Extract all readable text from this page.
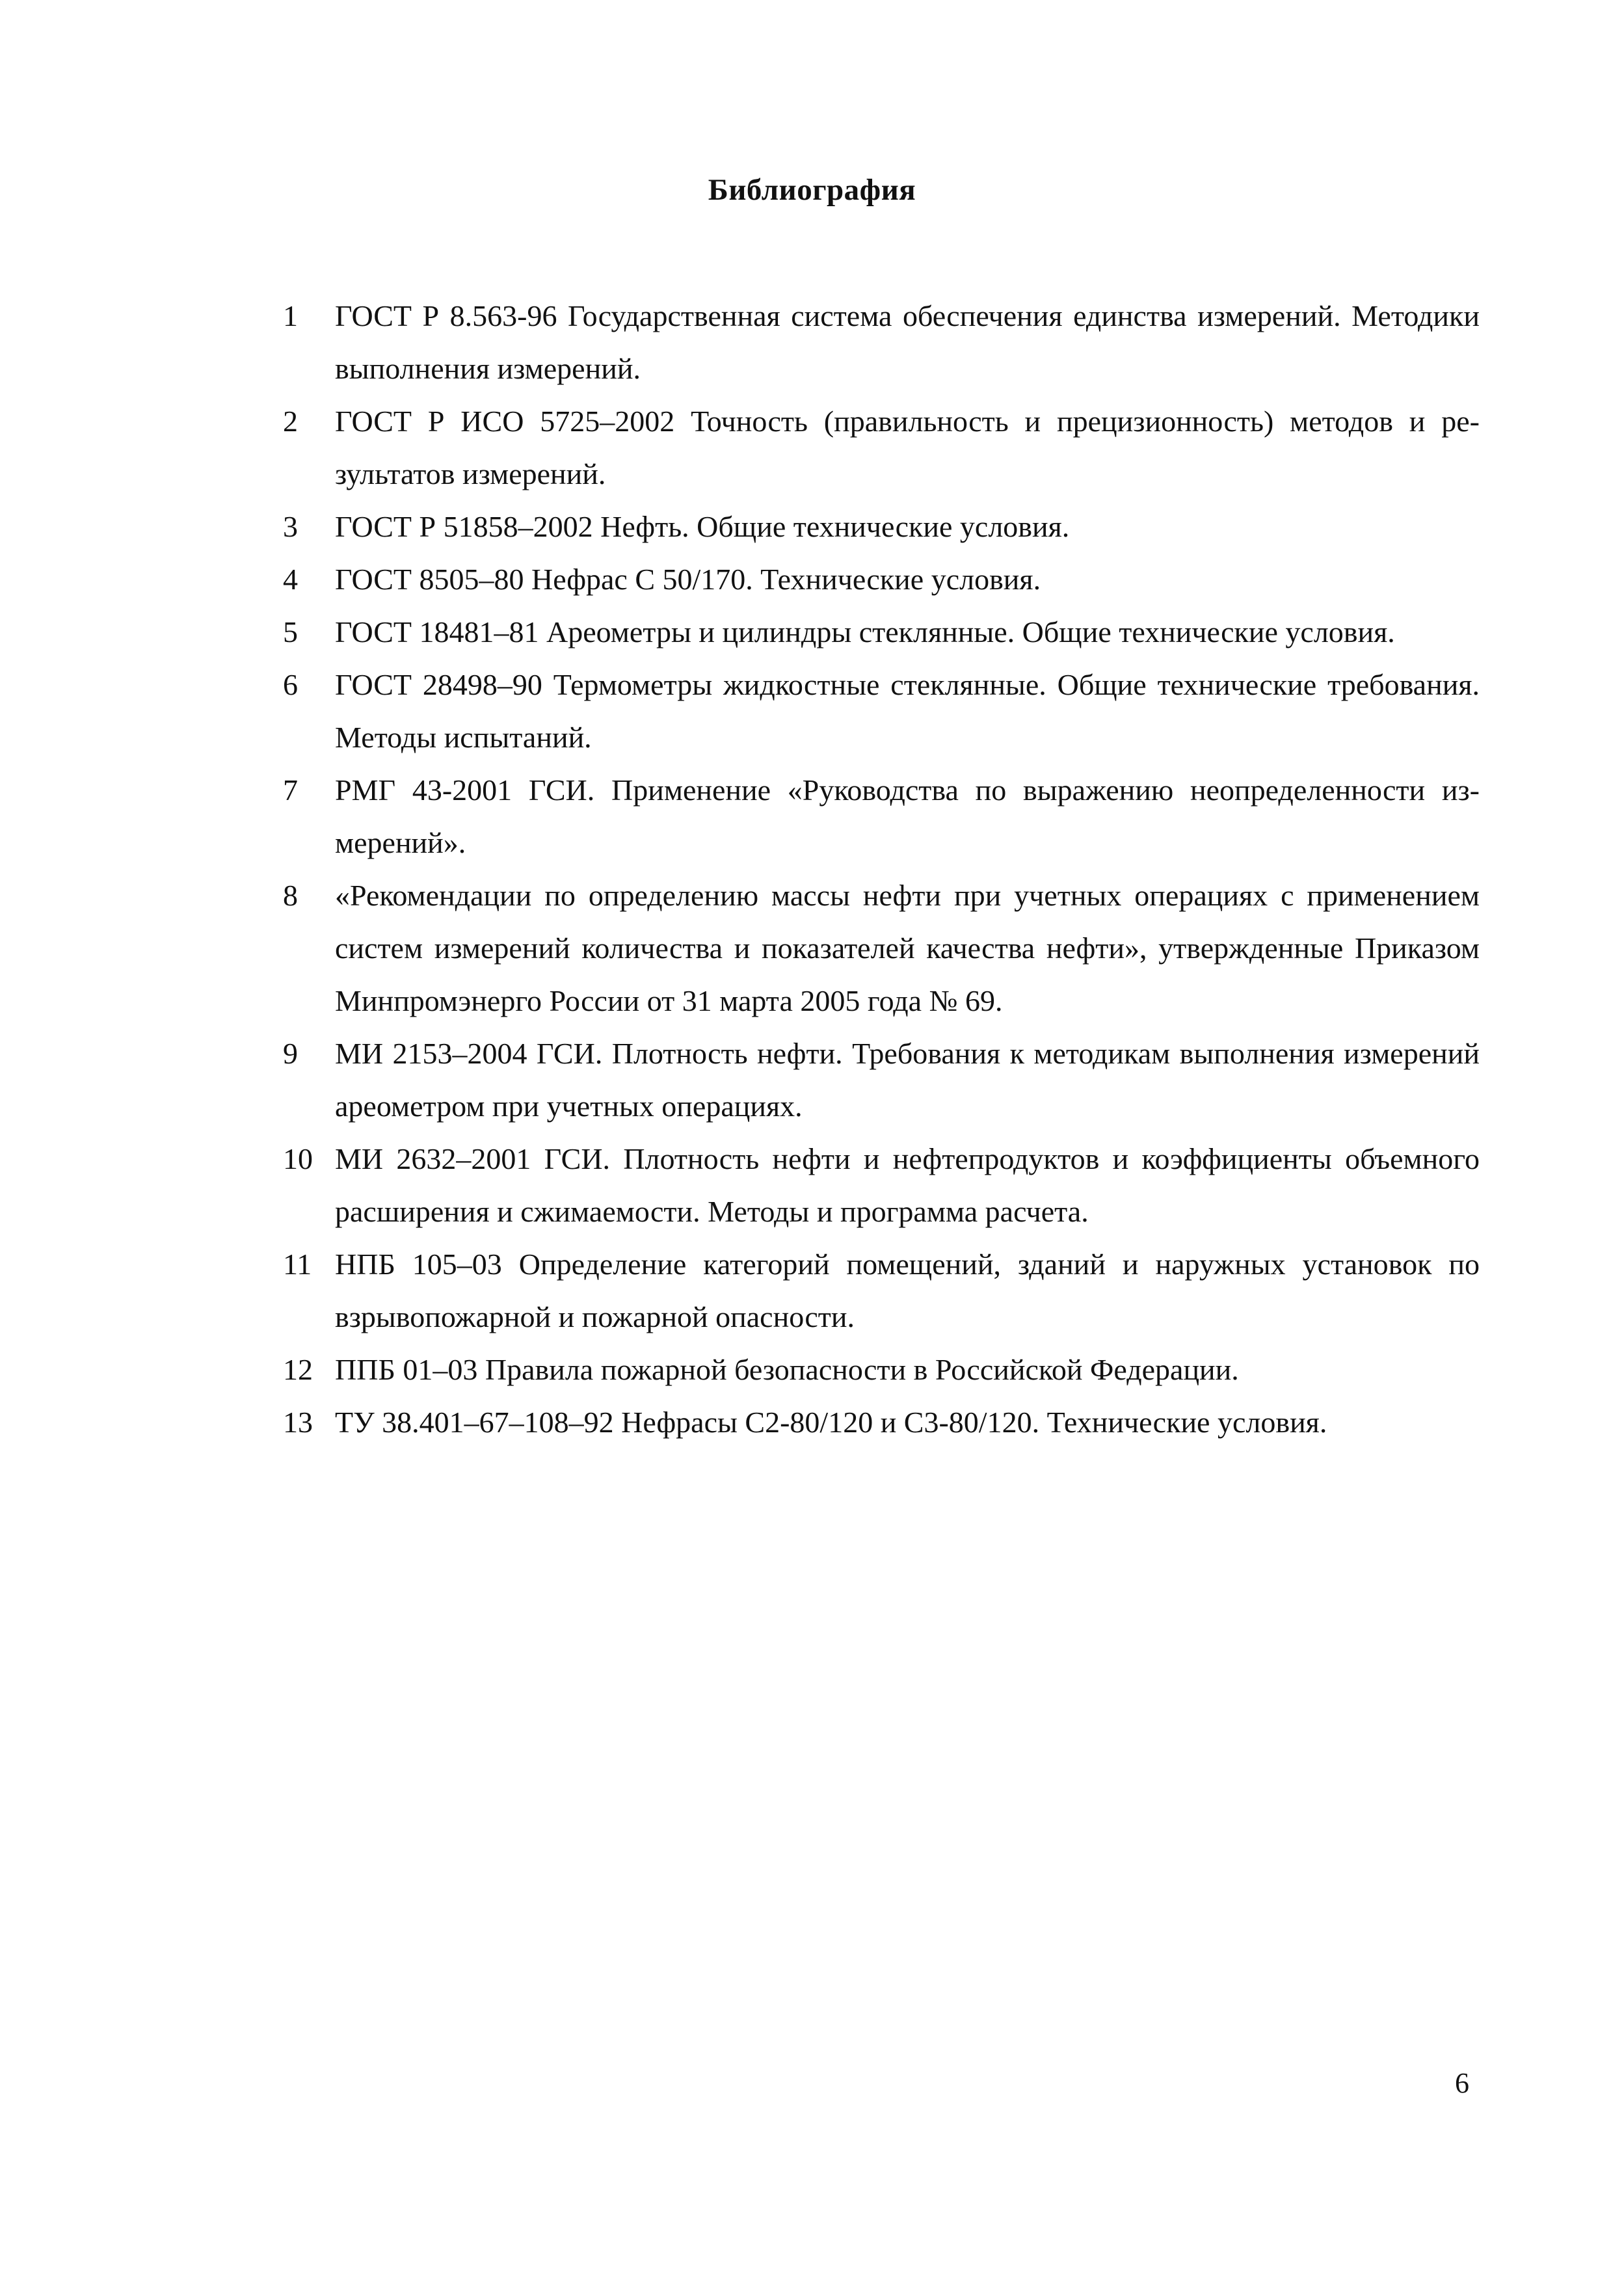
Библиография
1	ГОСТ Р 8.563-96 Государственная система обеспечения единства измерений. Методики выполнения измерений.
2	ГОСТ Р ИСО 5725–2002 Точность (правильность и прецизионность) методов и результатов измерений.
3	ГОСТ Р 51858–2002 Нефть. Общие технические условия.
4	ГОСТ 8505–80 Нефрас С 50/170. Технические условия.
5	ГОСТ 18481–81 Ареометры и цилиндры стеклянные. Общие технические условия.
6	ГОСТ 28498–90 Термометры жидкостные стеклянные. Общие технические требования. Методы испытаний.
7	РМГ 43-2001 ГСИ. Применение «Руководства по выражению неопределенности измерений».
8	«Рекомендации по определению массы нефти при учетных операциях с применением систем измерений количества и показателей качества нефти», утвержденные Приказом Минпромэнерго России от 31 марта 2005 года № 69.
9	МИ 2153–2004 ГСИ. Плотность нефти. Требования к методикам выполнения измерений ареометром при учетных операциях.
10 МИ 2632–2001 ГСИ. Плотность нефти и нефтепродуктов и коэффициенты объемного расширения и сжимаемости. Методы и программа расчета.
11 НПБ 105–03 Определение категорий помещений, зданий и наружных установок по взрывопожарной и пожарной опасности.
12 ППБ 01–03 Правила пожарной безопасности в Российской Федерации.
13 ТУ 38.401–67–108–92 Нефрасы С2-80/120 и С3-80/120. Технические условия.
6
